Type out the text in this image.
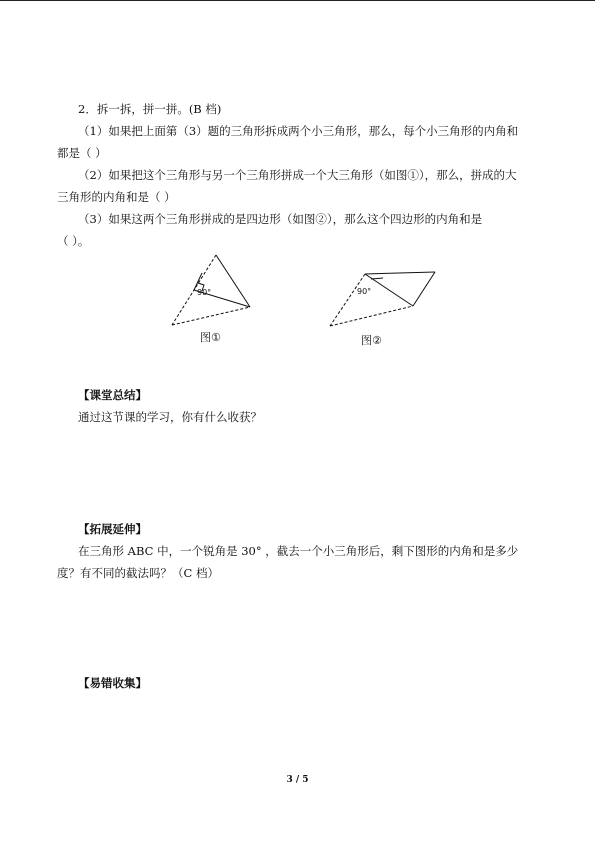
2．拆一拆，拼一拼。(B 档)
（1）如果把上面第（3）题的三角形拆成两个小三角形，那么，每个小三角形的内角和
都是（ ）
（2）如果把这个三角形与另一个三角形拼成一个大三角形（如图①），那么，拼成的大
三角形的内角和是（ ）
（3）如果这两个三角形拼成的是四边形（如图②），那么这个四边形的内角和是
（ ）。
90°
图①
90°
图②
【课堂总结】
通过这节课的学习，你有什么收获？
【拓展延伸】
在三角形 ABC 中，一个锐角是 30° ，截去一个小三角形后，剩下图形的内角和是多少
度？有不同的截法吗？（C 档）
【易错收集】
3 / 5
